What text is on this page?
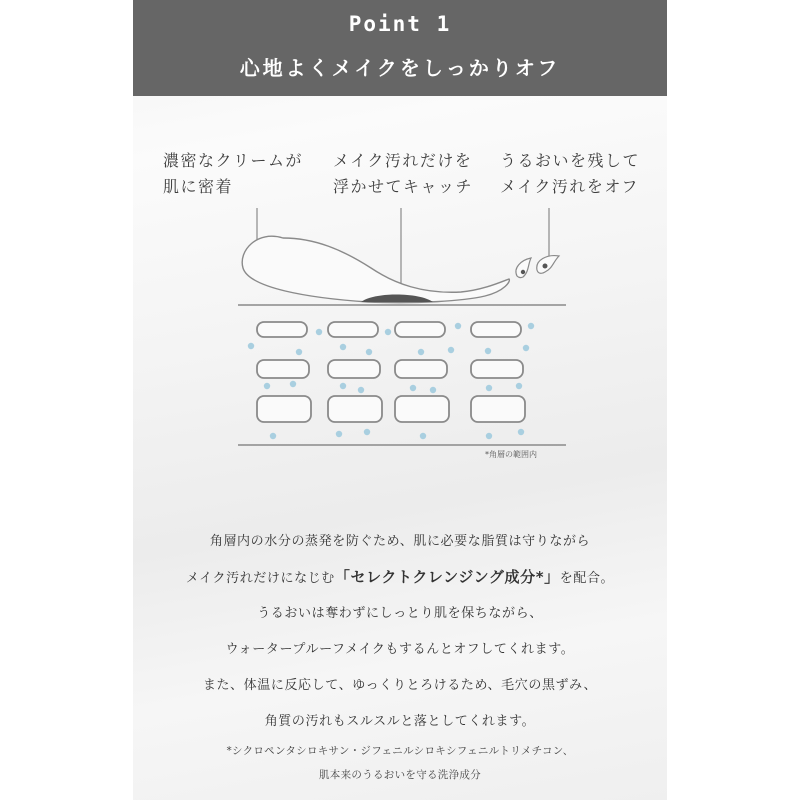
Point 1
心地よくメイクをしっかりオフ
濃密なクリームが
肌に密着
メイク汚れだけを
浮かせてキャッチ
うるおいを残して
メイク汚れをオフ
*角層の範囲内
角層内の水分の蒸発を防ぐため、肌に必要な脂質は守りながら
メイク汚れだけになじむ「セレクトクレンジング成分*」を配合。
うるおいは奪わずにしっとり肌を保ちながら、
ウォータープルーフメイクもするんとオフしてくれます。
また、体温に反応して、ゆっくりとろけるため、毛穴の黒ずみ、
角質の汚れもスルスルと落としてくれます。
*シクロペンタシロキサン・ジフェニルシロキシフェニルトリメチコン、
肌本来のうるおいを守る洗浄成分
